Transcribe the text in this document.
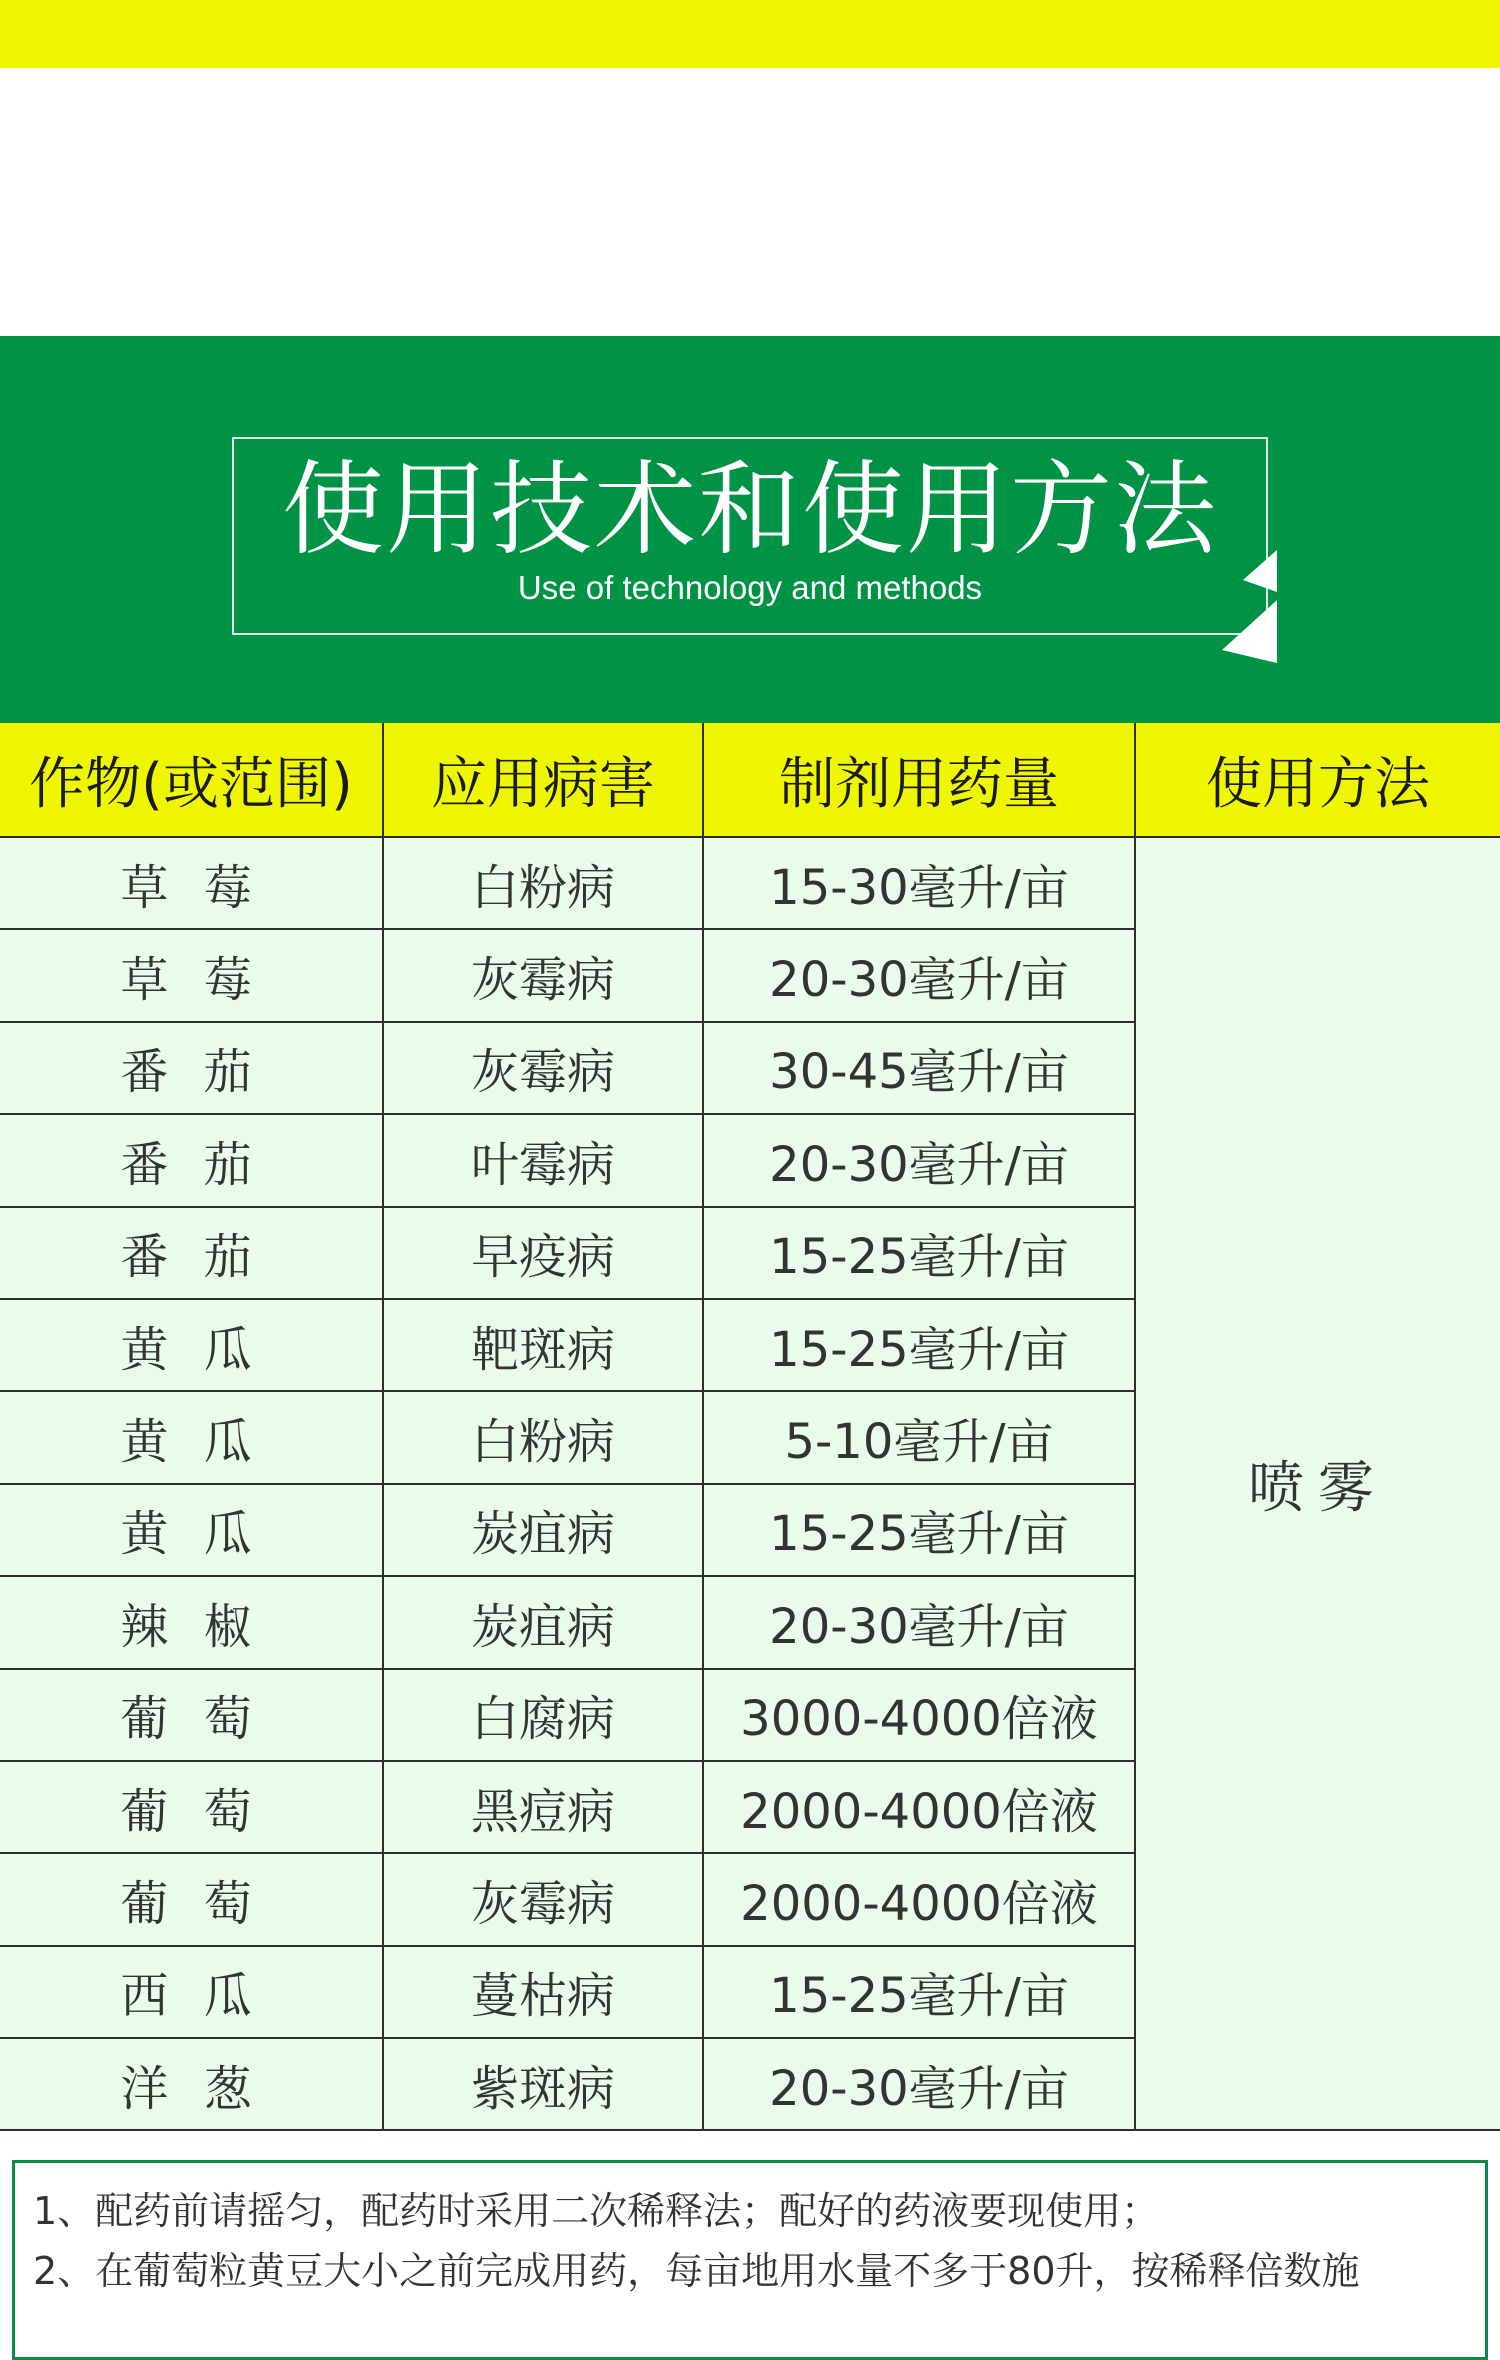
使用技术和使用方法
Use of technology and methods
作物(或范围)	应用病害	制剂用药量	使用方法
草 莓	白粉病	15-30毫升/亩	喷雾
草 莓	灰霉病	20-30毫升/亩	
番 茄	灰霉病	30-45毫升/亩	
番 茄	叶霉病	20-30毫升/亩	
番 茄	早疫病	15-25毫升/亩	
黄 瓜	靶斑病	15-25毫升/亩	
黄 瓜	白粉病	5-10毫升/亩	
黄 瓜	炭疽病	15-25毫升/亩	
辣 椒	炭疽病	20-30毫升/亩	
葡 萄	白腐病	3000-4000倍液	
葡 萄	黑痘病	2000-4000倍液	
葡 萄	灰霉病	2000-4000倍液	
西 瓜	蔓枯病	15-25毫升/亩	
洋 葱	紫斑病	20-30毫升/亩	

1、配药前请摇匀，配药时采用二次稀释法；配好的药液要现使用；

2、在葡萄粒黄豆大小之前完成用药，每亩地用水量不多于80升，按稀释倍数施
